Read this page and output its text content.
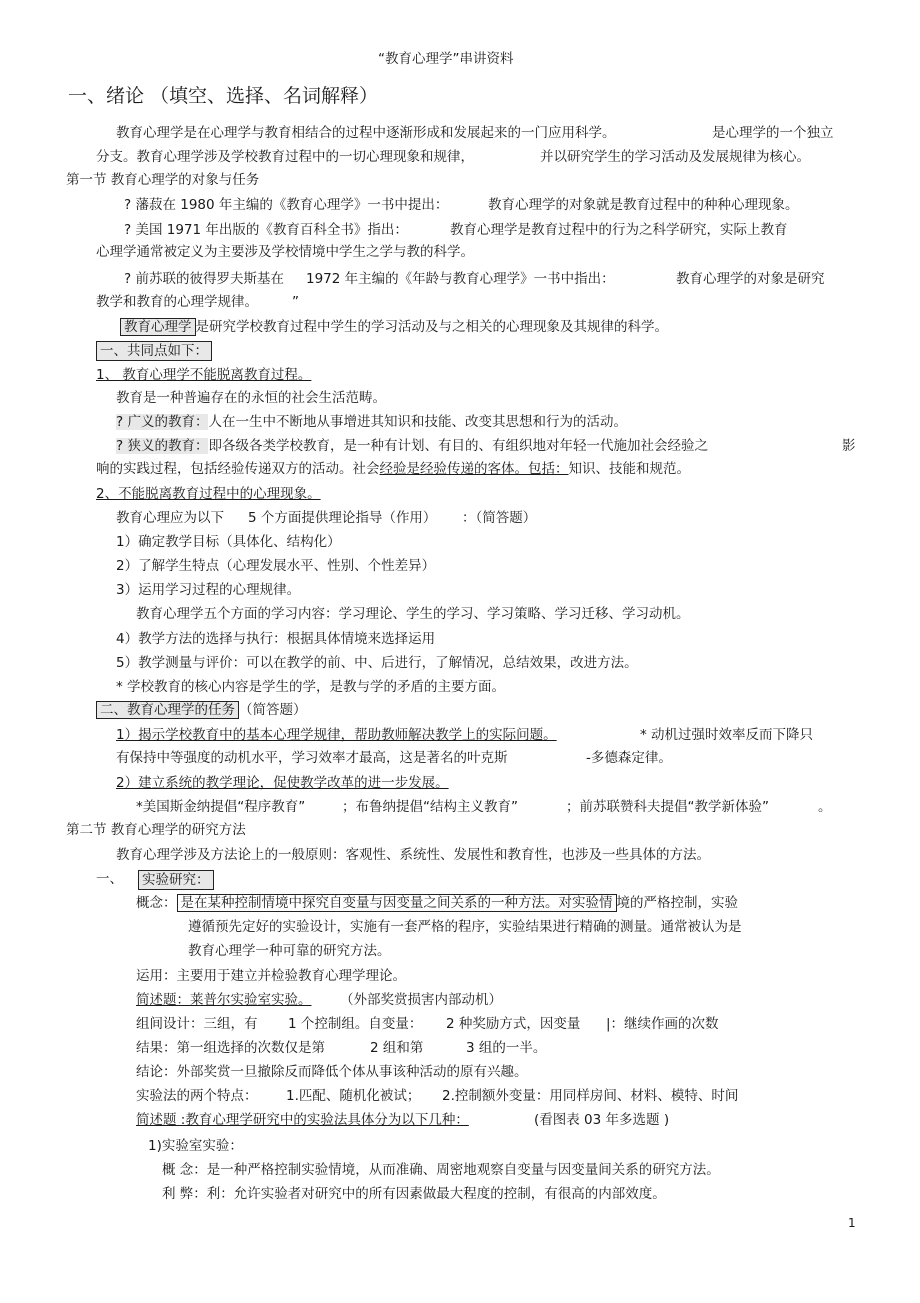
“教育心理学”串讲资料
一、绪论 （填空、选择、名词解释）
教育心理学是在心理学与教育相结合的过程中逐渐形成和发展起来的一门应用科学。	是心理学的一个独立
分支。教育心理学涉及学校教育过程中的一切心理现象和规律，	并以研究学生的学习活动及发展规律为核心。
第一节 教育心理学的对象与任务
? 藩菽在 1980 年主编的《教育心理学》一书中提出：	教育心理学的对象就是教育过程中的种种心理现象。
? 美国 1971 年出版的《教育百科全书》指出：	教育心理学是教育过程中的行为之科学研究，实际上教育
心理学通常被定义为主要涉及学校情境中学生之学与教的科学。
? 前苏联的彼得罗夫斯基在 1972 年主编的《年龄与教育心理学》一书中指出：	教育心理学的对象是研究
教学和教育的心理学规律。	”
教育心理学 是研究学校教育过程中学生的学习活动及与之相关的心理现象及其规律的科学。
一、共同点如下：
1、 教育心理学不能脱离教育过程。
教育是一种普遍存在的永恒的社会生活范畴。
? 广义的教育：人在一生中不断地从事增进其知识和技能、改变其思想和行为的活动。
? 狭义的教育：即各级各类学校教育，是一种有计划、有目的、有组织地对年轻一代施加社会经验之	影
响的实践过程，包括经验传递双方的活动。社会经验是经验传递的客体。包括：知识、技能和规范。
2、不能脱离教育过程中的心理现象。
教育心理应为以下 5 个方面提供理论指导（作用） ：（简答题）
1）确定教学目标（具体化、结构化）
2）了解学生特点（心理发展水平、性别、个性差异）
3）运用学习过程的心理规律。
教育心理学五个方面的学习内容：学习理论、学生的学习、学习策略、学习迁移、学习动机。
4）教学方法的选择与执行：根据具体情境来选择运用
5）教学测量与评价：可以在教学的前、中、后进行，了解情况，总结效果，改进方法。
* 学校教育的核心内容是学生的学，是教与学的矛盾的主要方面。
二、教育心理学的任务 （简答题）
1）揭示学校教育中的基本心理学规律，帮助教师解决教学上的实际问题。	* 动机过强时效率反而下降只
有保持中等强度的动机水平，学习效率才最高，这是著名的叶克斯	-多德森定律。
2）建立系统的教学理论，促使教学改革的进一步发展。
*美国斯金纳提倡“程序教育”	；布鲁纳提倡“结构主义教育”	；前苏联赞科夫提倡“教学新体验”	。
第二节 教育心理学的研究方法
教育心理学涉及方法论上的一般原则：客观性、系统性、发展性和教育性，也涉及一些具体的方法。
一、 实验研究：
概念： 是在某种控制情境中探究自变量与因变量之间关系的一种方法。对实验情 境的严格控制，实验
遵循预先定好的实验设计，实施有一套严格的程序，实验结果进行精确的测量。通常被认为是
教育心理学一种可靠的研究方法。
运用：主要用于建立并检验教育心理学理论。
简述题：莱普尔实验室实验。 （外部奖赏损害内部动机）
组间设计：三组，有 1 个控制组。自变量： 2 种奖励方式，因变量 |：继续作画的次数
结果：第一组选择的次数仅是第	2 组和第	3 组的一半。
结论：外部奖赏一旦撤除反而降低个体从事该种活动的原有兴趣。
实验法的两个特点： 1.匹配、随机化被试； 2.控制额外变量：用同样房间、材料、模特、时间
简述题 :教育心理学研究中的实验法具体分为以下几种：	(看图表 03 年多选题 )
1)实验室实验：
概 念：是一种严格控制实验情境，从而准确、周密地观察自变量与因变量间关系的研究方法。
利 弊：利：允许实验者对研究中的所有因素做最大程度的控制，有很高的内部效度。
1
